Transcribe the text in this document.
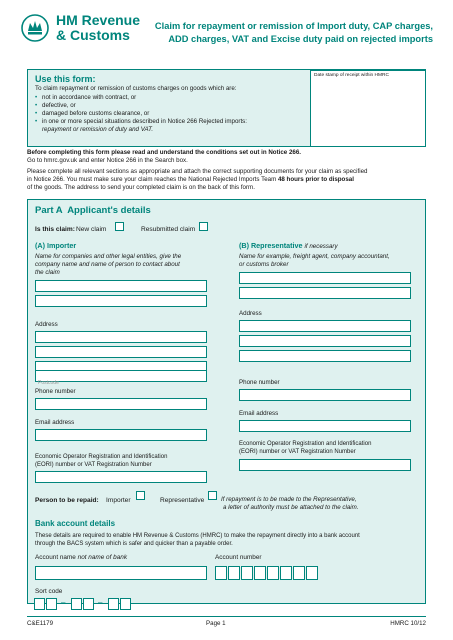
HM Revenue
& Customs
Claim for repayment or remission of Import duty, CAP charges,
ADD charges, VAT and Excise duty paid on rejected imports
Use this form:
To claim repayment or remission of customs charges on goods which are:
• not in accordance with contract, or
• defective, or
• damaged before customs clearance, or
• in one or more special situations described in Notice 266 Rejected imports:
repayment or remission of duty and VAT.
Date stamp of receipt within HMRC
Before completing this form please read and understand the conditions set out in Notice 266.
Go to hmrc.gov.uk and enter Notice 266 in the Search box.
Please complete all relevant sections as appropriate and attach the correct supporting documents for your claim as specified
in Notice 266. You must make sure your claim reaches the National Rejected Imports Team 48 hours prior to disposal
of the goods. The address to send your completed claim is on the back of this form.
Part A  Applicant's details
Is this claim: New claim	Resubmitted claim
(A) Importer
Name for companies and other legal entities, give the
company name and name of person to contact about
the claim
Address
Postcode
Phone number
Email address
Economic Operator Registration and Identification
(EORI) number or VAT Registration Number
(B) Representative if necessary
Name for example, freight agent, company accountant,
or customs broker
Address
Phone number
Email address
Economic Operator Registration and Identification
(EORI) number or VAT Registration Number
Person to be repaid: Importer	Representative	If repayment is to be made to the Representative,
a letter of authority must be attached to the claim.
Bank account details
These details are required to enable HM Revenue & Customs (HMRC) to make the repayment directly into a bank account
through the BACS system which is safer and quicker than a payable order.
Account name not name of bank	Account number
Sort code
–	–
C&E1179	Page 1	HMRC 10/12
